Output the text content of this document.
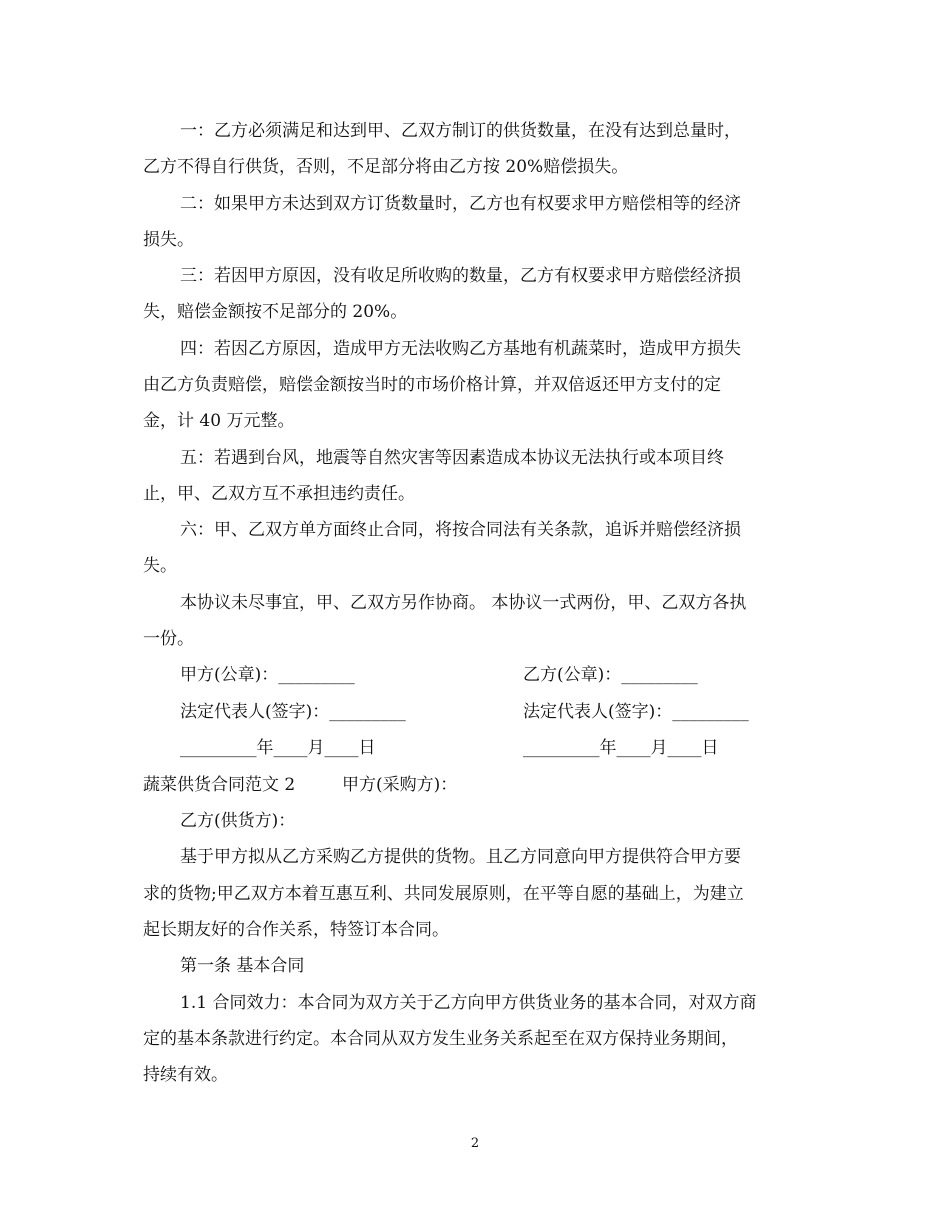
一：乙方必须满足和达到甲、乙双方制订的供货数量，在没有达到总量时，
乙方不得自行供货，否则，不足部分将由乙方按 20%赔偿损失。
二：如果甲方未达到双方订货数量时，乙方也有权要求甲方赔偿相等的经济
损失。
三：若因甲方原因，没有收足所收购的数量，乙方有权要求甲方赔偿经济损
失，赔偿金额按不足部分的 20%。
四：若因乙方原因，造成甲方无法收购乙方基地有机蔬菜时，造成甲方损失
由乙方负责赔偿，赔偿金额按当时的市场价格计算，并双倍返还甲方支付的定
金，计 40 万元整。
五：若遇到台风，地震等自然灾害等因素造成本协议无法执行或本项目终
止，甲、乙双方互不承担违约责任。
六：甲、乙双方单方面终止合同，将按合同法有关条款，追诉并赔偿经济损
失。
本协议未尽事宜，甲、乙双方另作协商。 本协议一式两份，甲、乙双方各执
一份。
甲方(公章)：_________	乙方(公章)：_________
法定代表人(签字)：_________	法定代表人(签字)：_________
_________年____月____日	_________年____月____日
蔬菜供货合同范文 2	甲方(采购方)：
乙方(供货方)：
基于甲方拟从乙方采购乙方提供的货物。且乙方同意向甲方提供符合甲方要
求的货物;甲乙双方本着互惠互利、共同发展原则，在平等自愿的基础上，为建立
起长期友好的合作关系，特签订本合同。
第一条 基本合同
1.1 合同效力：本合同为双方关于乙方向甲方供货业务的基本合同，对双方商
定的基本条款进行约定。本合同从双方发生业务关系起至在双方保持业务期间，
持续有效。
2
